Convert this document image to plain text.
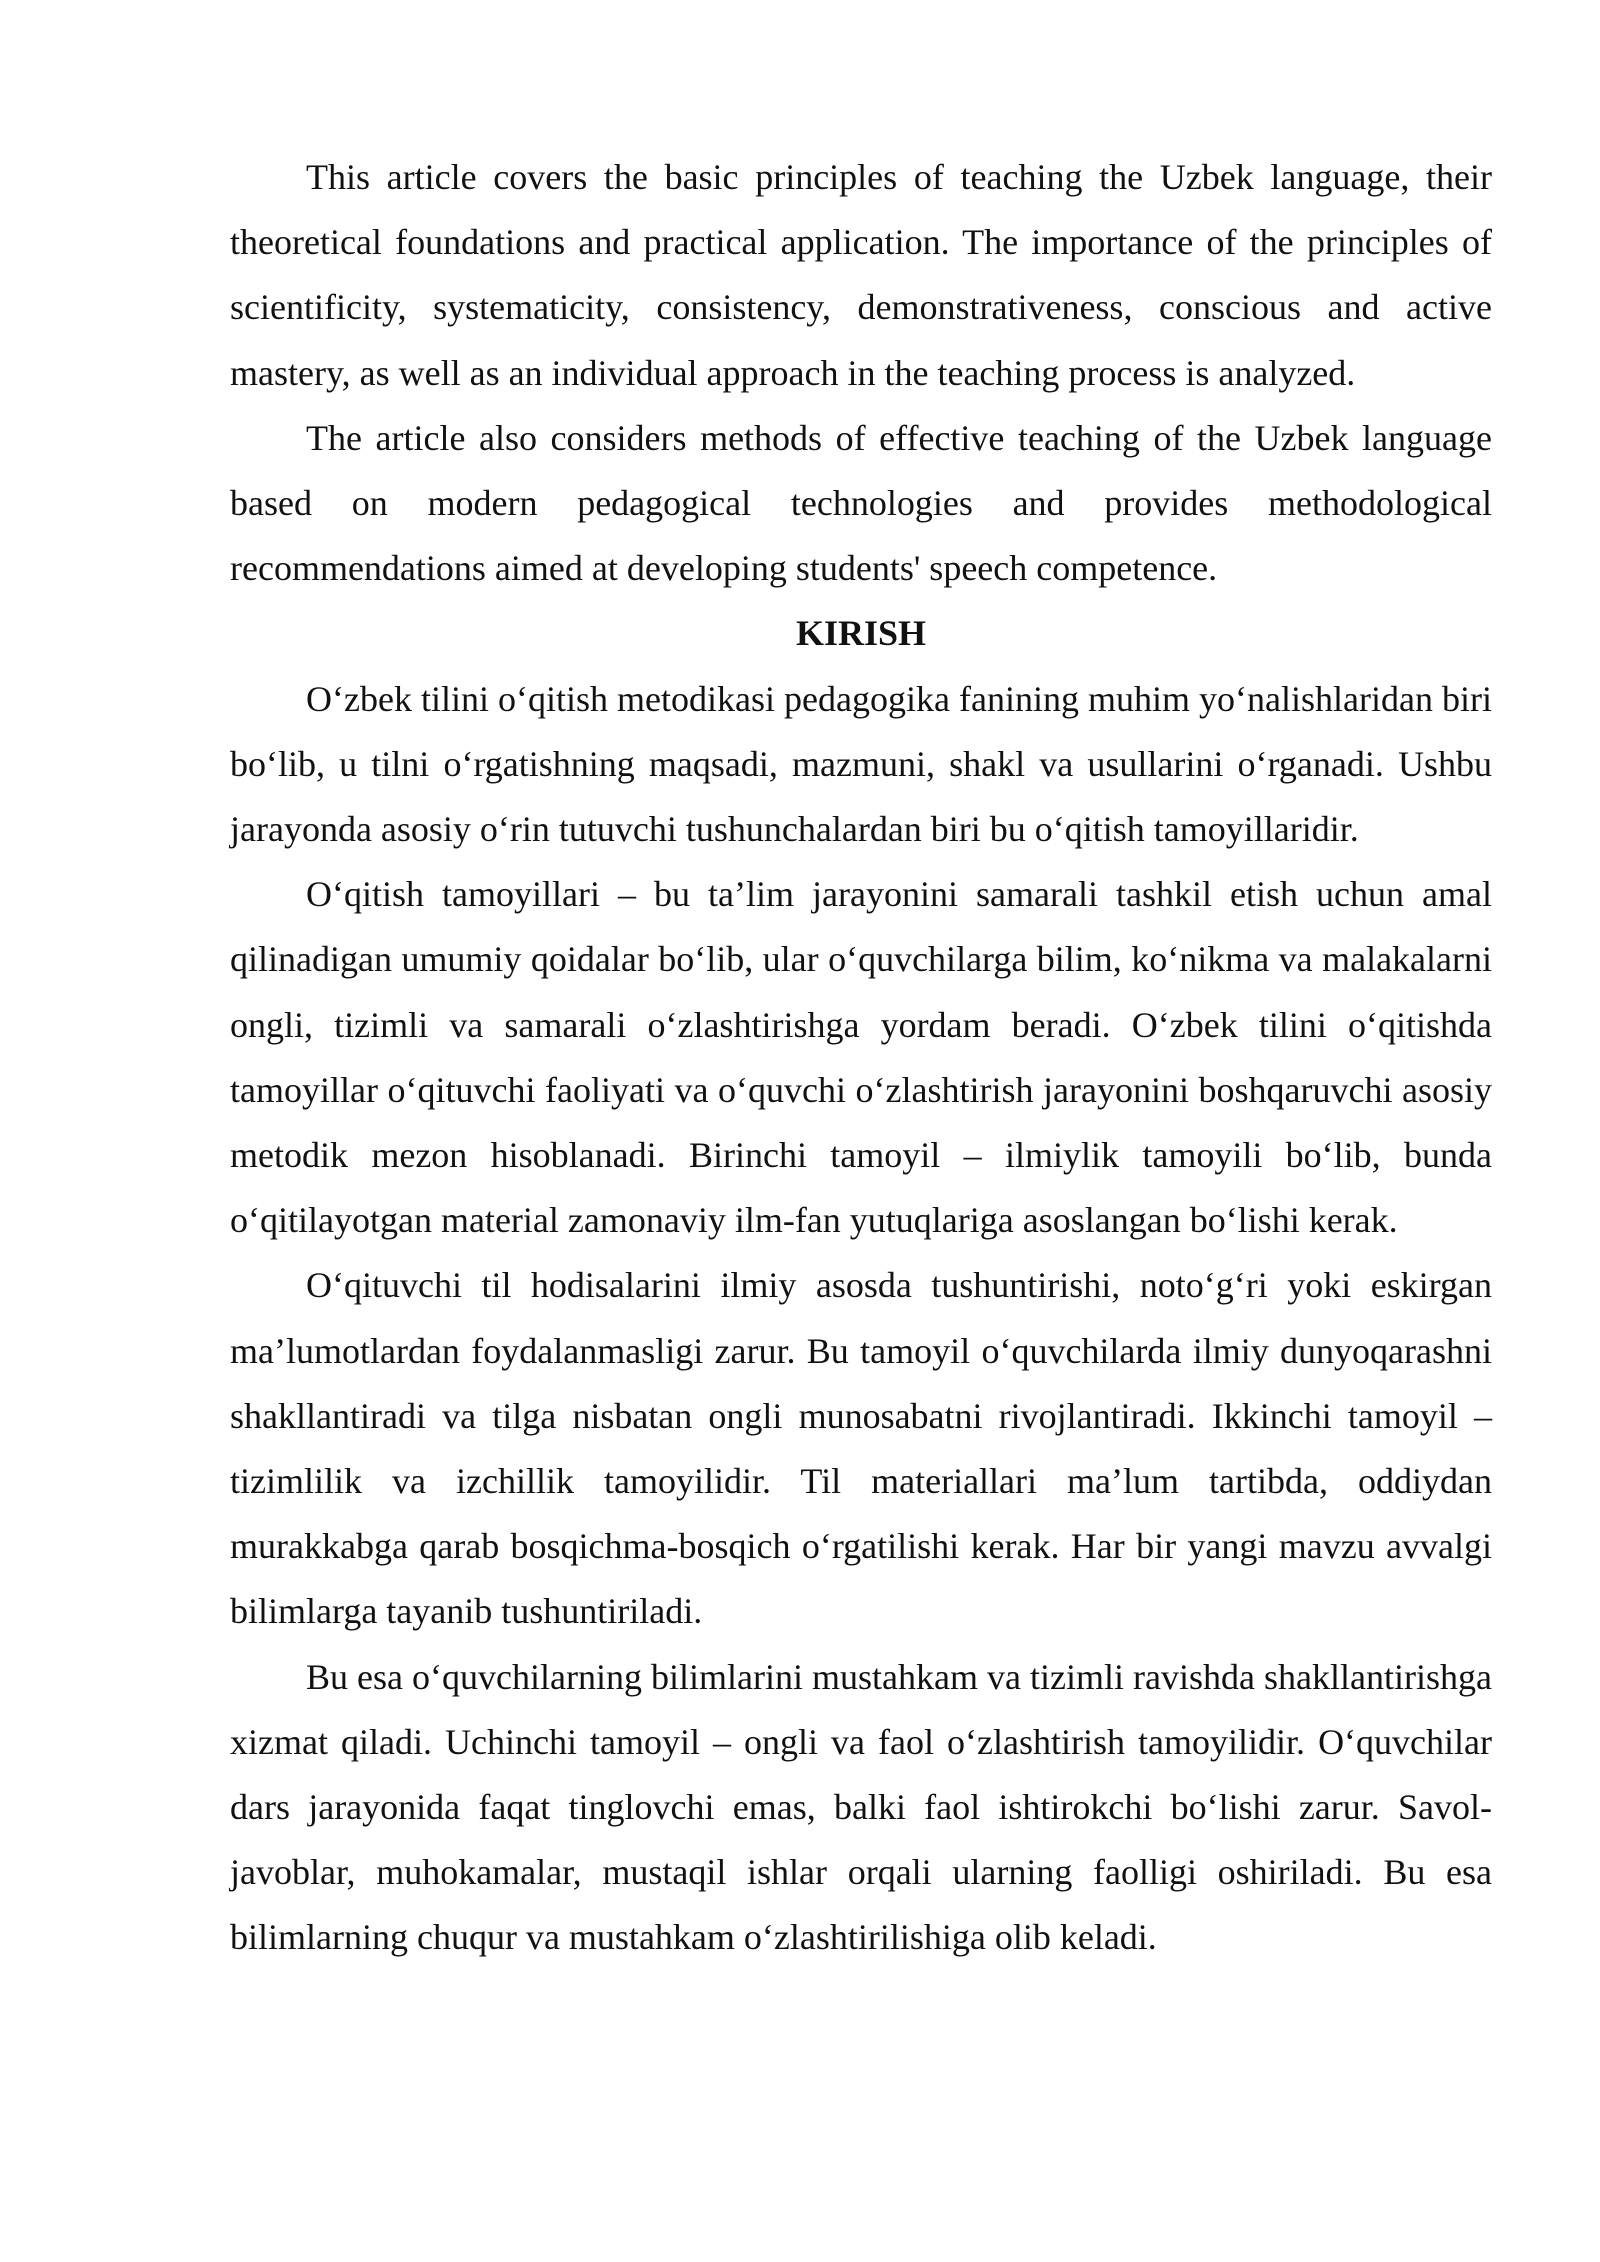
This article covers the basic principles of teaching the Uzbek language, their theoretical foundations and practical application. The importance of the principles of scientificity, systematicity, consistency, demonstrativeness, conscious and active mastery, as well as an individual approach in the teaching process is analyzed.

The article also considers methods of effective teaching of the Uzbek language based on modern pedagogical technologies and provides methodological recommendations aimed at developing students' speech competence.

KIRISH

O‘zbek tilini o‘qitish metodikasi pedagogika fanining muhim yo‘nalishlaridan biri bo‘lib, u tilni o‘rgatishning maqsadi, mazmuni, shakl va usullarini o‘rganadi. Ushbu jarayonda asosiy o‘rin tutuvchi tushunchalardan biri bu o‘qitish tamoyillaridir.

O‘qitish tamoyillari – bu ta’lim jarayonini samarali tashkil etish uchun amal qilinadigan umumiy qoidalar bo‘lib, ular o‘quvchilarga bilim, ko‘nikma va malakalarni ongli, tizimli va samarali o‘zlashtirishga yordam beradi. O‘zbek tilini o‘qitishda tamoyillar o‘qituvchi faoliyati va o‘quvchi o‘zlashtirish jarayonini boshqaruvchi asosiy metodik mezon hisoblanadi. Birinchi tamoyil – ilmiylik tamoyili bo‘lib, bunda o‘qitilayotgan material zamonaviy ilm-fan yutuqlariga asoslangan bo‘lishi kerak.

O‘qituvchi til hodisalarini ilmiy asosda tushuntirishi, noto‘g‘ri yoki eskirgan ma’lumotlardan foydalanmasligi zarur. Bu tamoyil o‘quvchilarda ilmiy dunyoqarashni shakllantiradi va tilga nisbatan ongli munosabatni rivojlantiradi. Ikkinchi tamoyil – tizimlilik va izchillik tamoyilidir. Til materiallari ma’lum tartibda, oddiydan murakkabga qarab bosqichma-bosqich o‘rgatilishi kerak. Har bir yangi mavzu avvalgi bilimlarga tayanib tushuntiriladi.

Bu esa o‘quvchilarning bilimlarini mustahkam va tizimli ravishda shakllantirishga xizmat qiladi. Uchinchi tamoyil – ongli va faol o‘zlashtirish tamoyilidir. O‘quvchilar dars jarayonida faqat tinglovchi emas, balki faol ishtirokchi bo‘lishi zarur. Savol-javoblar, muhokamalar, mustaqil ishlar orqali ularning faolligi oshiriladi. Bu esa bilimlarning chuqur va mustahkam o‘zlashtirilishiga olib keladi.
